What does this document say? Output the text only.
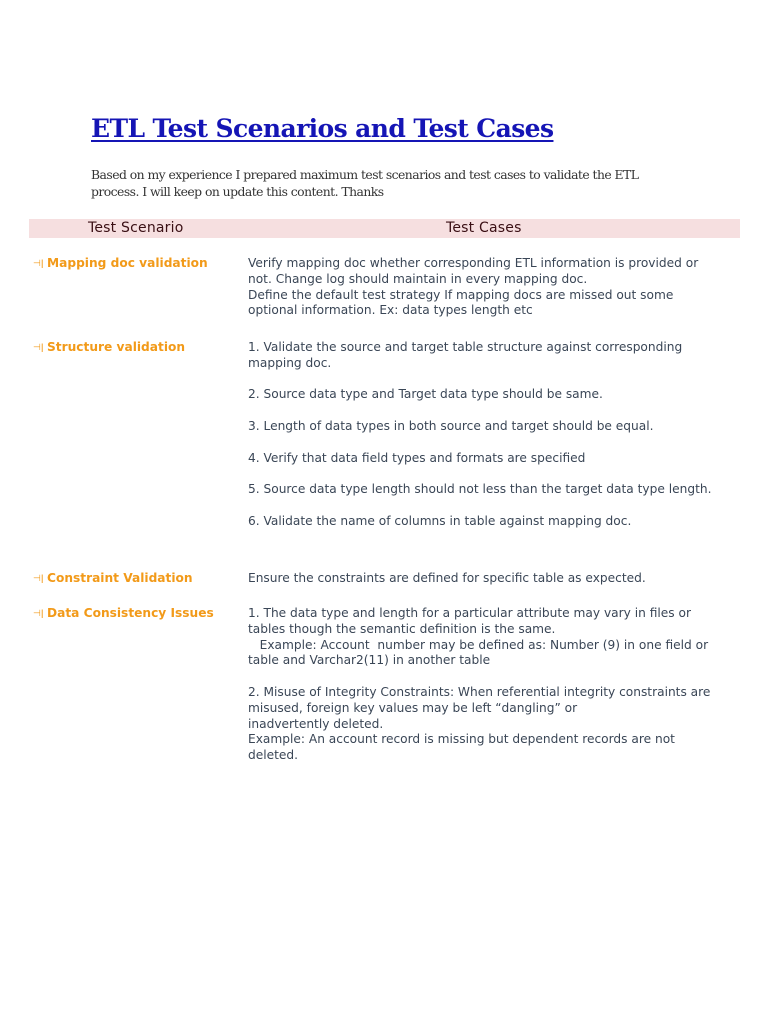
ETL Test Scenarios and Test Cases
Based on my experience I prepared maximum test scenarios and test cases to validate the ETL
process. I will keep on update this content. Thanks
Test Scenario	Test Cases
⊣ǀ Mapping doc validation	Verify mapping doc whether corresponding ETL information is provided or

not. Change log should maintain in every mapping doc.

Define the default test strategy If mapping docs are missed out some

optional information. Ex: data types length etc

⊣ǀ Structure validation	1. Validate the source and target table structure against corresponding

mapping doc.

2. Source data type and Target data type should be same.

3. Length of data types in both source and target should be equal.

4. Verify that data field types and formats are specified

5. Source data type length should not less than the target data type length.

6. Validate the name of columns in table against mapping doc.

⊣ǀ Constraint Validation	Ensure the constraints are defined for specific table as expected.

⊣ǀ Data Consistency Issues	1. The data type and length for a particular attribute may vary in files or

tables though the semantic definition is the same.

Example: Account  number may be defined as: Number (9) in one field or

table and Varchar2(11) in another table

2. Misuse of Integrity Constraints: When referential integrity constraints are

misused, foreign key values may be left “dangling” or

inadvertently deleted.

Example: An account record is missing but dependent records are not

deleted.
